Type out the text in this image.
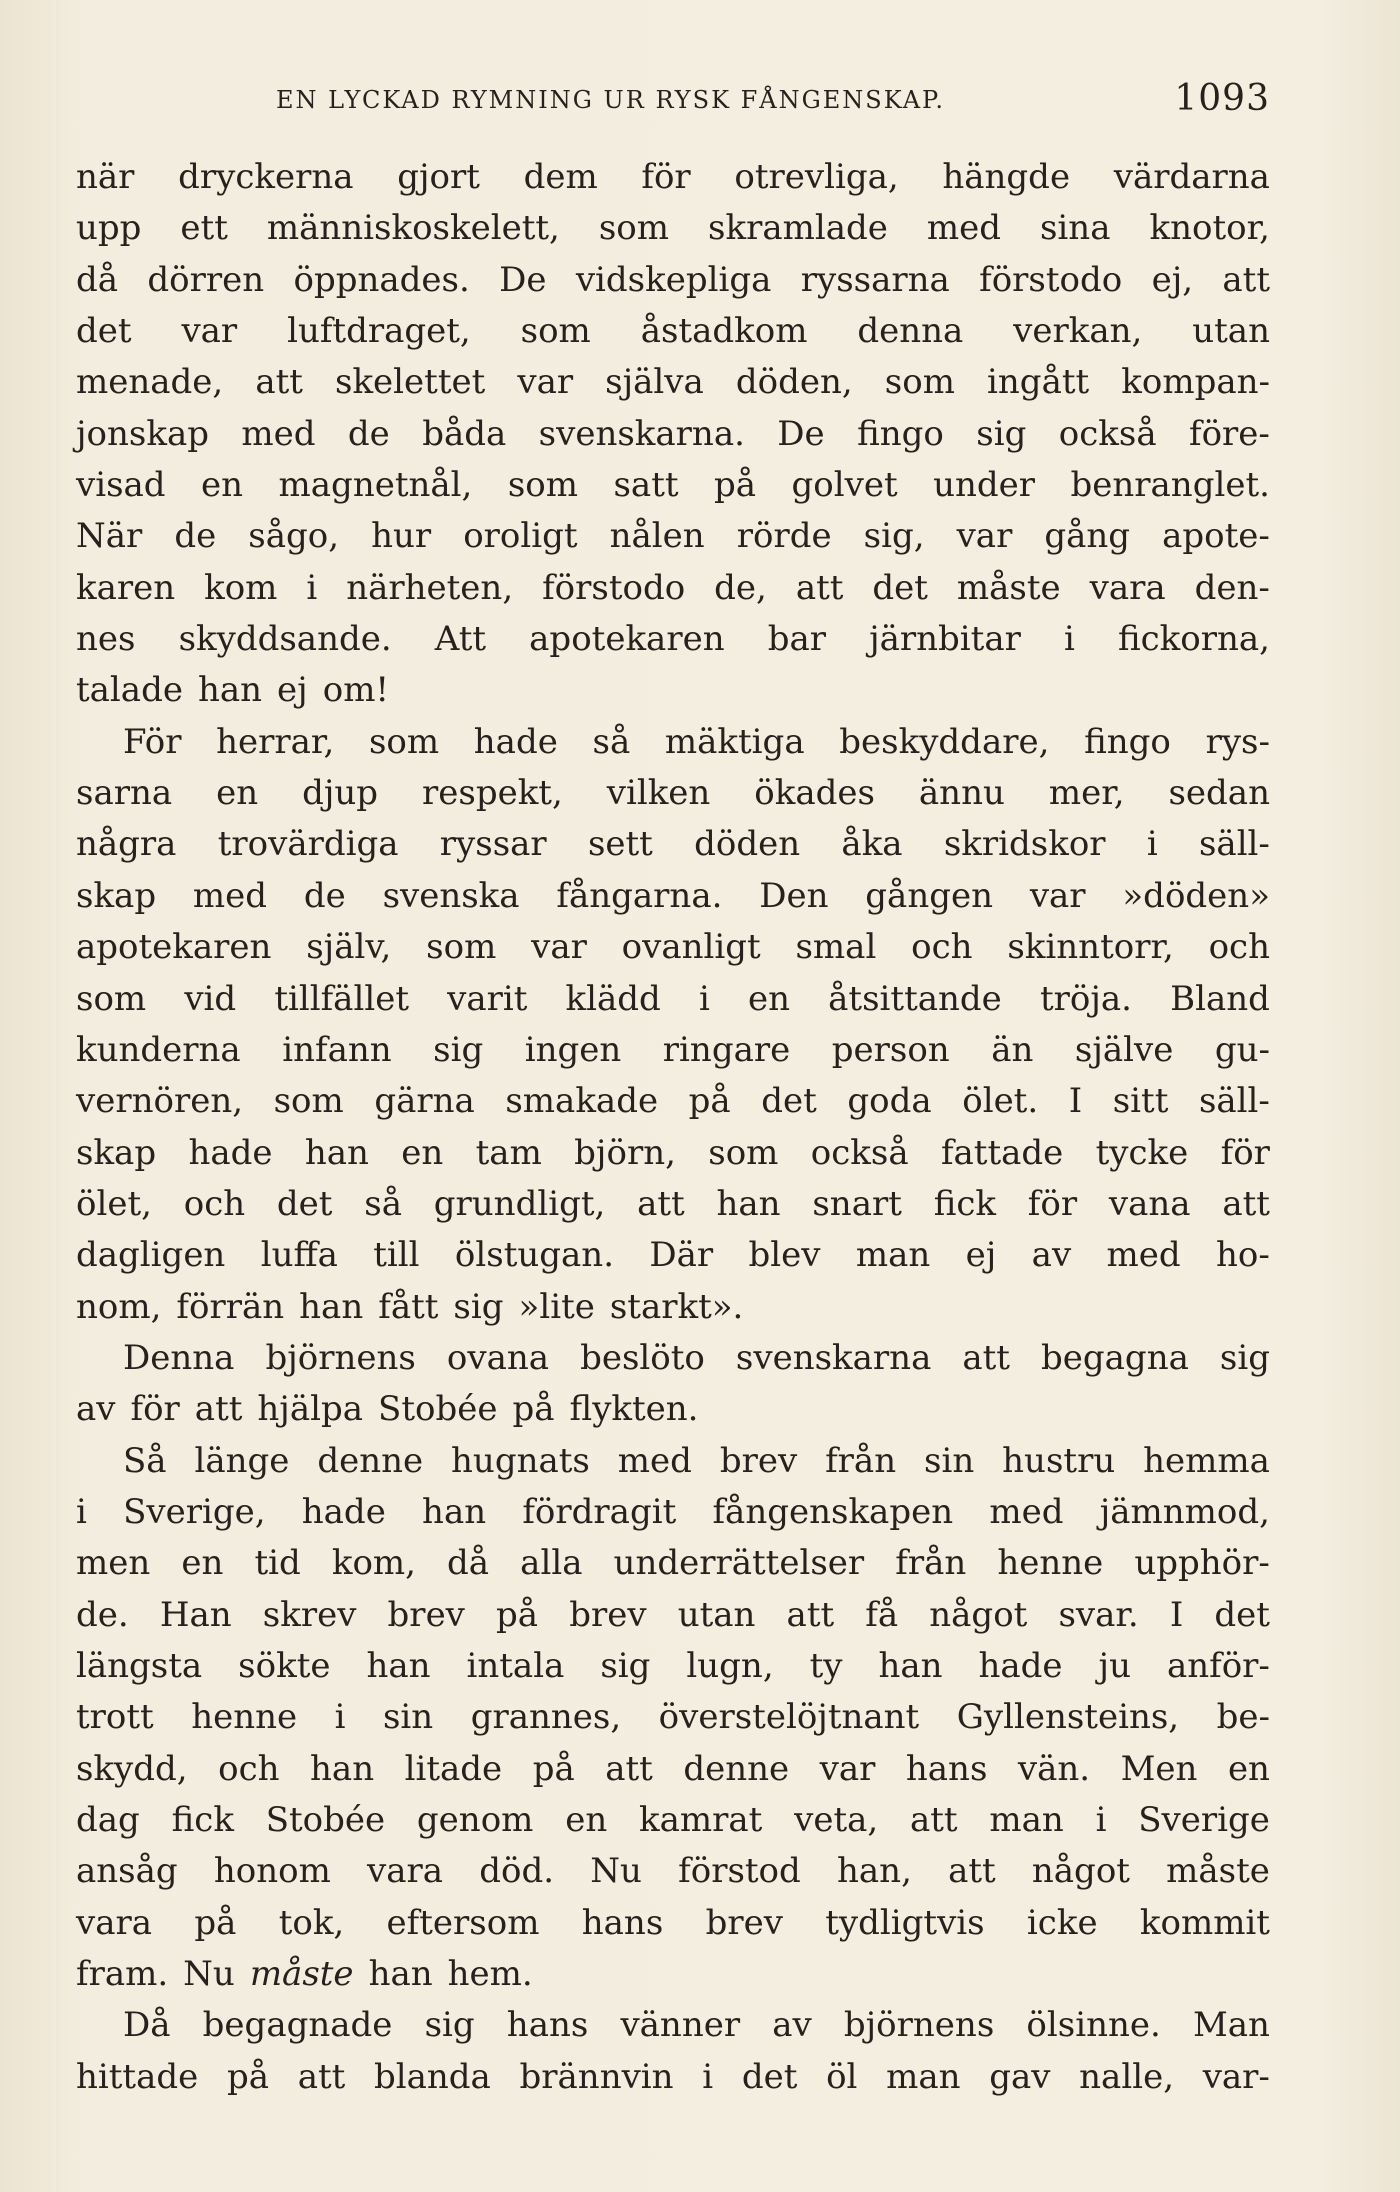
EN LYCKAD RYMNING UR RYSK FÅNGENSKAP.	1093
när dryckerna gjort dem för otrevliga, hängde värdarna
upp ett människoskelett, som skramlade med sina knotor,
då dörren öppnades. De vidskepliga ryssarna förstodo ej, att
det var luftdraget, som åstadkom denna verkan, utan
menade, att skelettet var själva döden, som ingått kompan-
jonskap med de båda svenskarna. De fingo sig också före-
visad en magnetnål, som satt på golvet under benranglet.
När de sågo, hur oroligt nålen rörde sig, var gång apote-
karen kom i närheten, förstodo de, att det måste vara den-
nes skyddsande. Att apotekaren bar järnbitar i fickorna,
talade han ej om!
För herrar, som hade så mäktiga beskyddare, fingo rys-
sarna en djup respekt, vilken ökades ännu mer, sedan
några trovärdiga ryssar sett döden åka skridskor i säll-
skap med de svenska fångarna. Den gången var »döden»
apotekaren själv, som var ovanligt smal och skinntorr, och
som vid tillfället varit klädd i en åtsittande tröja. Bland
kunderna infann sig ingen ringare person än själve gu-
vernören, som gärna smakade på det goda ölet. I sitt säll-
skap hade han en tam björn, som också fattade tycke för
ölet, och det så grundligt, att han snart fick för vana att
dagligen luffa till ölstugan. Där blev man ej av med ho-
nom, förrän han fått sig »lite starkt».
Denna björnens ovana beslöto svenskarna att begagna sig
av för att hjälpa Stobée på flykten.
Så länge denne hugnats med brev från sin hustru hemma
i Sverige, hade han fördragit fångenskapen med jämnmod,
men en tid kom, då alla underrättelser från henne upphör-
de. Han skrev brev på brev utan att få något svar. I det
längsta sökte han intala sig lugn, ty han hade ju anför-
trott henne i sin grannes, överstelöjtnant Gyllensteins, be-
skydd, och han litade på att denne var hans vän. Men en
dag fick Stobée genom en kamrat veta, att man i Sverige
ansåg honom vara död. Nu förstod han, att något måste
vara på tok, eftersom hans brev tydligtvis icke kommit
fram. Nu måste han hem.
Då begagnade sig hans vänner av björnens ölsinne. Man
hittade på att blanda brännvin i det öl man gav nalle, var-
